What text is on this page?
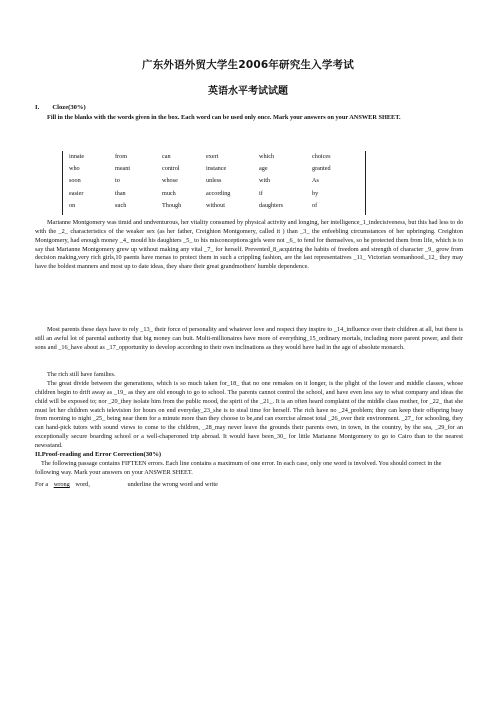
广东外语外贸大学生2006年研究生入学考试
英语水平考试试题
I.        Cloze(30%)
Fill in the blanks with the words given in the box. Each word can be used only once. Mark your answers on your ANSWER SHEET.
innate	from	can	exert	which	choices
who	meant	control	instance	age	granted
soon	to	whose	unless	with	As
easier	than	much	according	if	by
on	such	Though	without	daughters	of

Marianne Montgomery was timid and undventurous, her vitality consumed by physical activity and longing, her intelligence_1_indecisiveness, but this had less to do with the _2_ characteristics of the weaker sex (as her father, Creighton Montgomery, called it ) than _3_ the enfeebling circumstances of her upbringing. Creighton Montgomery, had enough money _4_ mould his daughters _5_ to his misconceptions:girls were not _6_ to fend for themselves, so he protected them from life, which is to say that Marianne Montgomery grew up without making any vital _7_ for herself. Prevented_8_acquiring the habits of freedom and strength of character _9_ grow from decision making,very rich girls,10 paents have menas to protect them in such a crippling fashion, are the last representatives _11_ Victorian womanhood._12_ they may have the boldest manners and most up to date ideas, they share their great grandmothers' humble dependence.

Most parents these days have to rely _13_ their force of personality and whatever love and respect they inspire to _14_influence over their children at all, but there is still an awful lot of parental authority that big money can buit. Multi-millionaires have more of everything_15_ordinary mortals, including more parent power, and their sons and _16_have about as _17_opportunity to develop according to their own inclinations as they would have had in the age of absolute monarch.

The rich still have families.

The great divide between the generations, which is so much taken for_18_ that no one remakes on it longer, is the plight of the lower and middle classes, whose children begin to drift away as _19_ as they are old enough to go to school. The parents cannot control the school, and have even less say to what company and ideas the child will be exposed to; nor _20_they isolate him from the public mood, the spirit of the _21_. It is an often heard complaint of the middle class mother, for _22_ that she must let her children watch television for hours on end everyday_23_she is to steal time for herself. The rich have no _24_problem; they can keep their offspring busy from morning to night _25_ being near them for a minute more than they choose to be,and can exercise almost total _26_over their environment. _27_ for schooling, they can hand-pick tutors with sound views to come to the children, _28_may never leave the grounds their parents own, in town, in the country, by the sea, _29_for an exceptionally secure boarding school or a well-chaperoned trip abroad. It would have been_30_ for little Marianne Montgomery to go to Cairo than to the nearest newsstand.

II.Proof-reading and Error Correction(30%)

The following passage contains FIFTEEN errors. Each line contains a maximum of one error. In each case, only one word is involved. You should correct in the following way. Mark your answers on your ANSWER SHEET.

For a wrong word,	underline the wrong word and write
